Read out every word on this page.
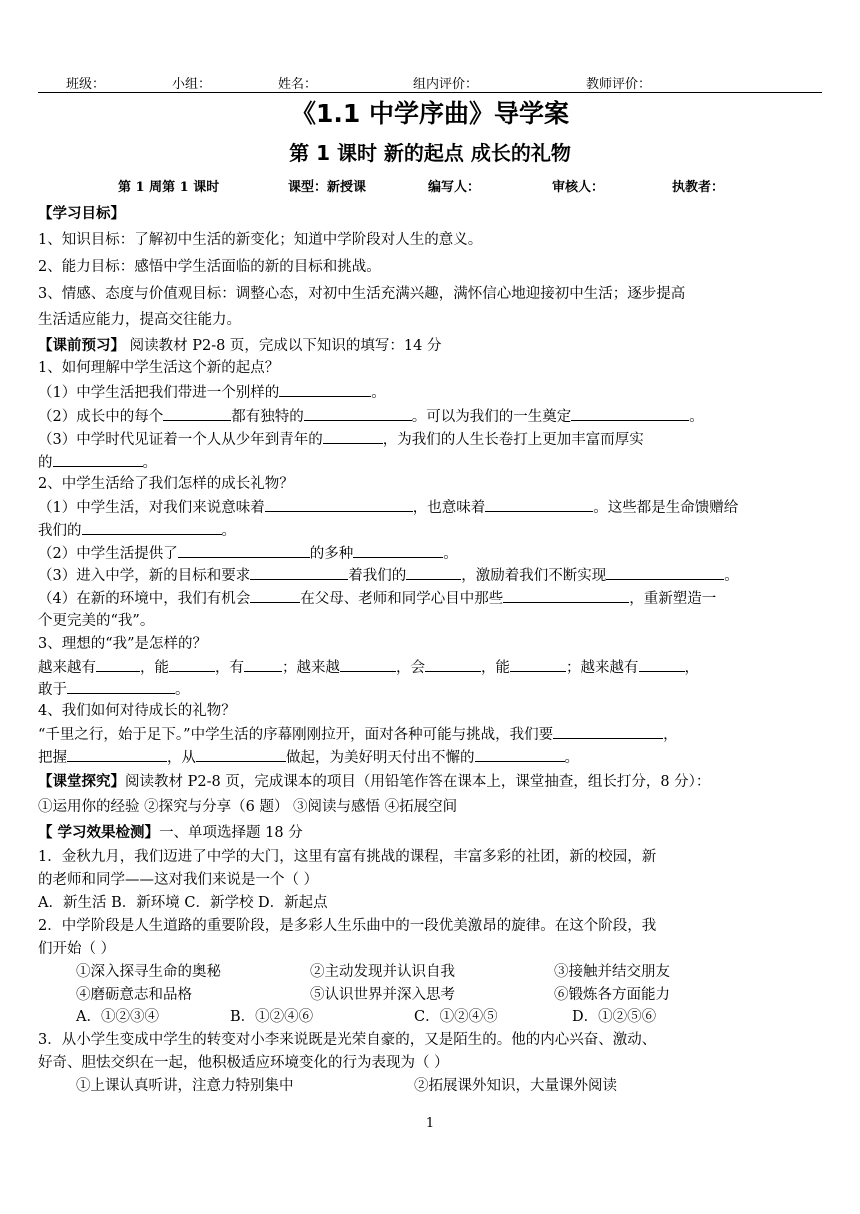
班级：	小组：	姓名：	组内评价：	教师评价：
《1.1 中学序曲》导学案
第 1 课时 新的起点 成长的礼物
第 1 周第 1 课时	课型：新授课	编写人：	审核人：	执教者：
【学习目标】
1、知识目标：了解初中生活的新变化；知道中学阶段对人生的意义。
2、能力目标：感悟中学生活面临的新的目标和挑战。
3、情感、态度与价值观目标：调整心态，对初中生活充满兴趣，满怀信心地迎接初中生活；逐步提高
生活适应能力，提高交往能力。
【课前预习】 阅读教材 P2-8 页，完成以下知识的填写：14 分
1、如何理解中学生活这个新的起点？
（1）中学生活把我们带进一个别样的	。
（2）成长中的每个	都有独特的	。可以为我们的一生奠定	。
（3）中学时代见证着一个人从少年到青年的	，为我们的人生长卷打上更加丰富而厚实
的	。
2、中学生活给了我们怎样的成长礼物？
（1）中学生活，对我们来说意味着	，也意味着	。这些都是生命馈赠给
我们的	。
（2）中学生活提供了	的多种	。
（3）进入中学，新的目标和要求	着我们的	，激励着我们不断实现	。
（4）在新的环境中，我们有机会	在父母、老师和同学心目中那些	，重新塑造一
个更完美的“我”。
3、理想的“我”是怎样的？
越来越有	，能	，有	；越来越	，会	，能	；越来越有	，
敢于	。
4、我们如何对待成长的礼物？
“千里之行，始于足下。”中学生活的序幕刚刚拉开，面对各种可能与挑战，我们要	，
把握	，从	做起，为美好明天付出不懈的	。
【课堂探究】阅读教材 P2-8 页，完成课本的项目（用铅笔作答在课本上，课堂抽查，组长打分，8 分）：
①运用你的经验 ②探究与分享（6 题） ③阅读与感悟 ④拓展空间
【 学习效果检测】一、单项选择题 18 分
1．金秋九月，我们迈进了中学的大门，这里有富有挑战的课程，丰富多彩的社团，新的校园，新
的老师和同学——这对我们来说是一个（ ）
A．新生活 B．新环境 C．新学校 D．新起点
2．中学阶段是人生道路的重要阶段，是多彩人生乐曲中的一段优美激昂的旋律。在这个阶段，我
们开始（ ）
①深入探寻生命的奥秘	②主动发现并认识自我	③接触并结交朋友
④磨砺意志和品格	⑤认识世界并深入思考	⑥锻炼各方面能力
A．①②③④	B．①②④⑥	C．①②④⑤	D．①②⑤⑥
3．从小学生变成中学生的转变对小李来说既是光荣自豪的，又是陌生的。他的内心兴奋、激动、
好奇、胆怯交织在一起，他积极适应环境变化的行为表现为（ ）
①上课认真听讲，注意力特别集中	②拓展课外知识，大量课外阅读
1
